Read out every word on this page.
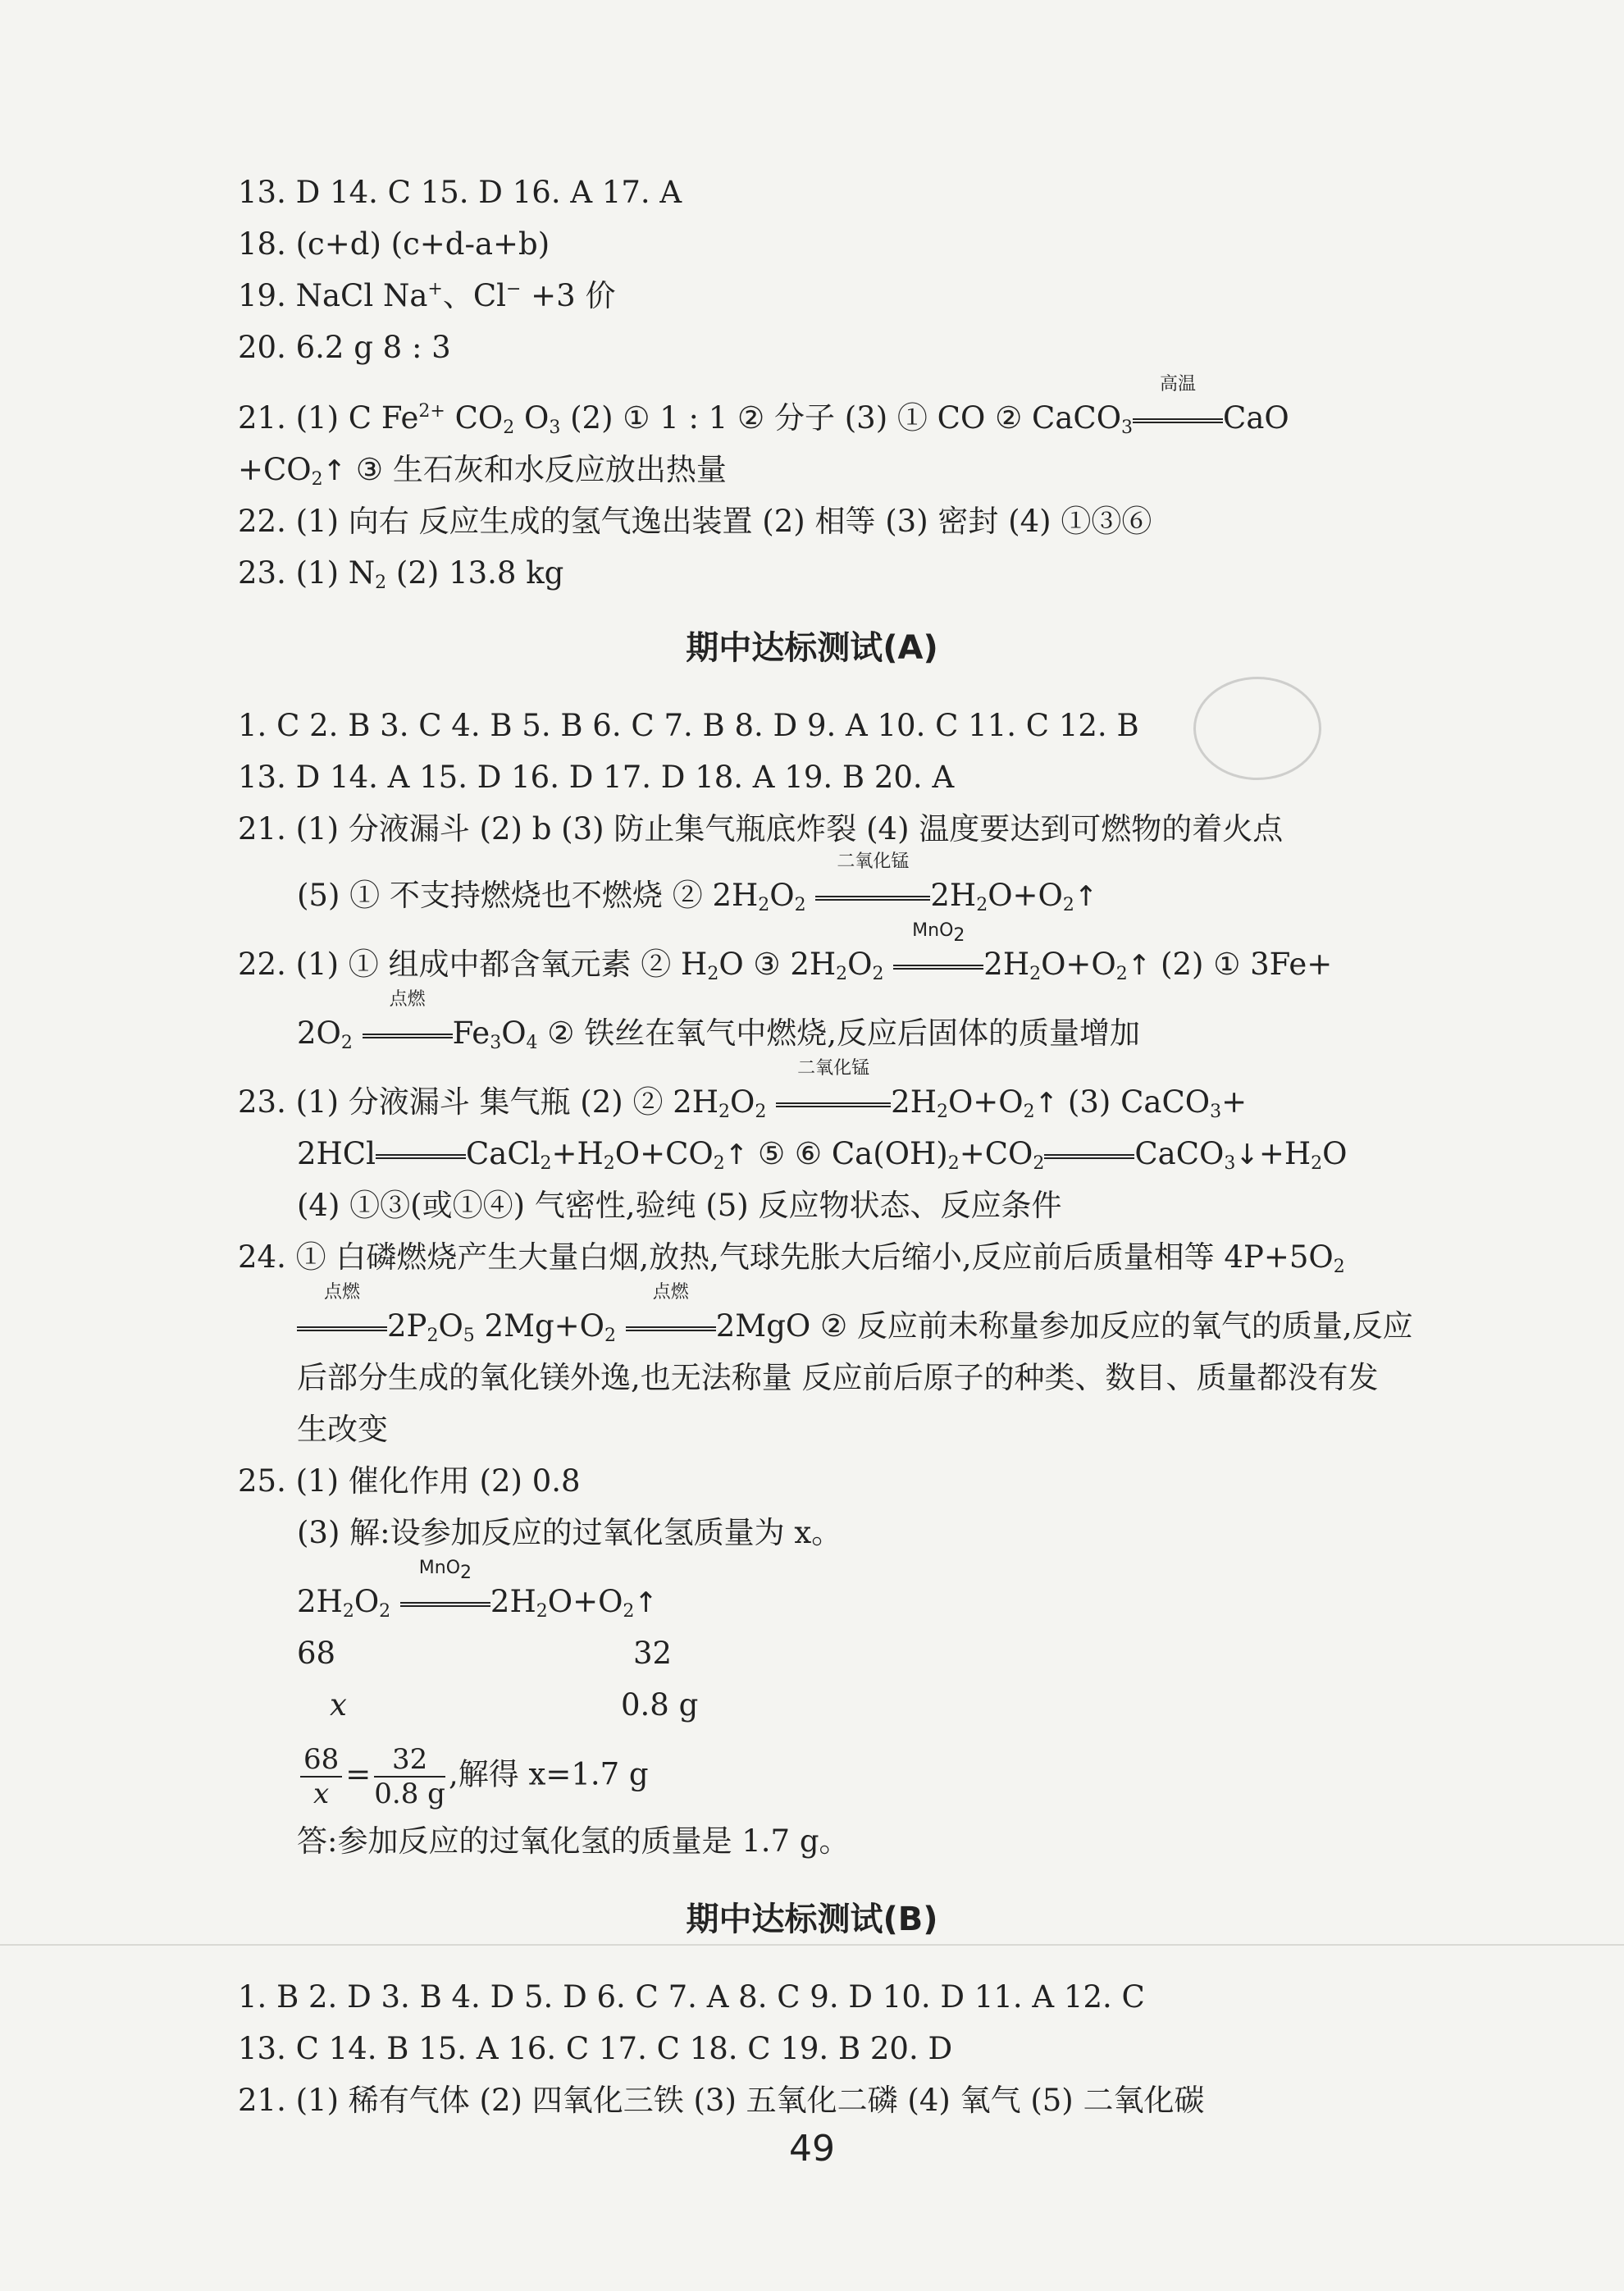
13. D 14. C 15. D 16. A 17. A
18. (c+d) (c+d-a+b)
19. NaCl Na+、Cl− +3 价
20. 6.2 g 8 : 3
21. (1) C $Fe^{2+}$ $CO_2$ $O_3$ (2) ① 1 : 1 ② 分子 (3) ① CO ② CaCO$_3$
高温
CaO
$+CO_2↑$ ③ 生石灰和水反应放出热量
22. (1) 向右 反应生成的氢气逸出装置 (2) 相等 (3) 密封 (4) ①③⑥
23. (1) $N_2$ (2) 13.8 kg
期中达标测试(A)
1. C 2. B 3. C 4. B 5. B 6. C 7. B 8. D 9. A 10. C 11. C 12. B
13. D 14. A 15. D 16. D 17. D 18. A 19. B 20. A
21. (1) 分液漏斗 (2) b (3) 防止集气瓶底炸裂 (4) 温度要达到可燃物的着火点
(5) ① 不支持燃烧也不燃烧 ② $2H_2O_2$
二氧化锰
$2H_2O+O_2↑$
22. (1) ① 组成中都含氧元素 ② $H_2O$ ③ $2H_2O_2$
MnO$_2$
$2H_2O+O_2↑$ (2) ① 3Fe+
$2O_2$
点燃
$Fe_3O_4$ ② 铁丝在氧气中燃烧,反应后固体的质量增加
23. (1) 分液漏斗 集气瓶 (2) ② $2H_2O_2$
二氧化锰
$2H_2O+O_2↑$ (3) CaCO$_3$+
2HCl	$CaCl_2+H_2O+CO_2↑$ ⑤ ⑥ $Ca(OH)_2+CO_2$	$CaCO_3↓+H_2O$
(4) ①③(或①④) 气密性,验纯 (5) 反应物状态、反应条件
24. ① 白磷燃烧产生大量白烟,放热,气球先胀大后缩小,反应前后质量相等 $4P+5O_2$
点燃
$2P_2O_5$ $2Mg+O_2$
点燃
2MgO ② 反应前未称量参加反应的氧气的质量,反应
后部分生成的氧化镁外逸,也无法称量 反应前后原子的种类、数目、质量都没有发
生改变
25. (1) 催化作用 (2) 0.8
(3) 解:设参加反应的过氧化氢质量为 x。
$2H_2O_2$
MnO$_2$
$2H_2O+O_2↑$
68	32
x	0.8 g
$\frac{68}{x} = \frac{32}{0.8 g}$ ,解得 x=1.7 g
答:参加反应的过氧化氢的质量是 1.7 g。
期中达标测试(B)
1. B 2. D 3. B 4. D 5. D 6. C 7. A 8. C 9. D 10. D 11. A 12. C
13. C 14. B 15. A 16. C 17. C 18. C 19. B 20. D
21. (1) 稀有气体 (2) 四氧化三铁 (3) 五氧化二磷 (4) 氧气 (5) 二氧化碳
49
